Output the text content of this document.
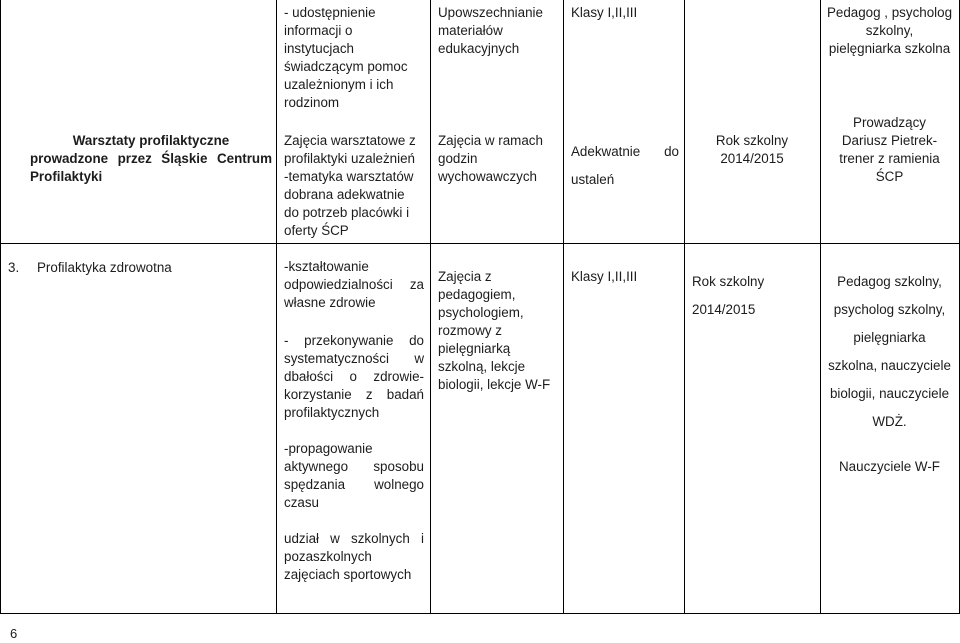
Warsztaty profilaktyczne
prowadzone przez Śląskie Centrum
Profilaktyki
- udostępnienie
informacji o
instytucjach
świadczącym pomoc
uzależnionym i ich
rodzinom
Zajęcia warsztatowe z
profilaktyki uzależnień
-tematyka warsztatów
dobrana adekwatnie
do potrzeb placówki i
oferty ŚCP
Upowszechnianie
materiałów
edukacyjnych
Zajęcia w ramach
godzin
wychowawczych
Klasy I,II,III
Adekwatnie do
ustaleń
Rok szkolny
2014/2015
Pedagog , psycholog
szkolny,
pielęgniarka szkolna
Prowadzący
Dariusz Pietrek-
trener z ramienia
ŚCP
3. Profilaktyka zdrowotna	-kształtowanie
odpowiedzialności za
własne zdrowie
- przekonywanie do
systematyczności w
dbałości o zdrowie-
korzystanie z badań
profilaktycznych
-propagowanie
aktywnego sposobu
spędzania wolnego
czasu
udział w szkolnych i
pozaszkolnych
zajęciach sportowych
Zajęcia z
pedagogiem,
psychologiem,
rozmowy z
pielęgniarką
szkolną, lekcje
biologii, lekcje W-F
Klasy I,II,III	Rok szkolny
2014/2015
Pedagog szkolny,
psycholog szkolny,
pielęgniarka
szkolna, nauczyciele
biologii, nauczyciele
WDŻ.
Nauczyciele W-F
6
